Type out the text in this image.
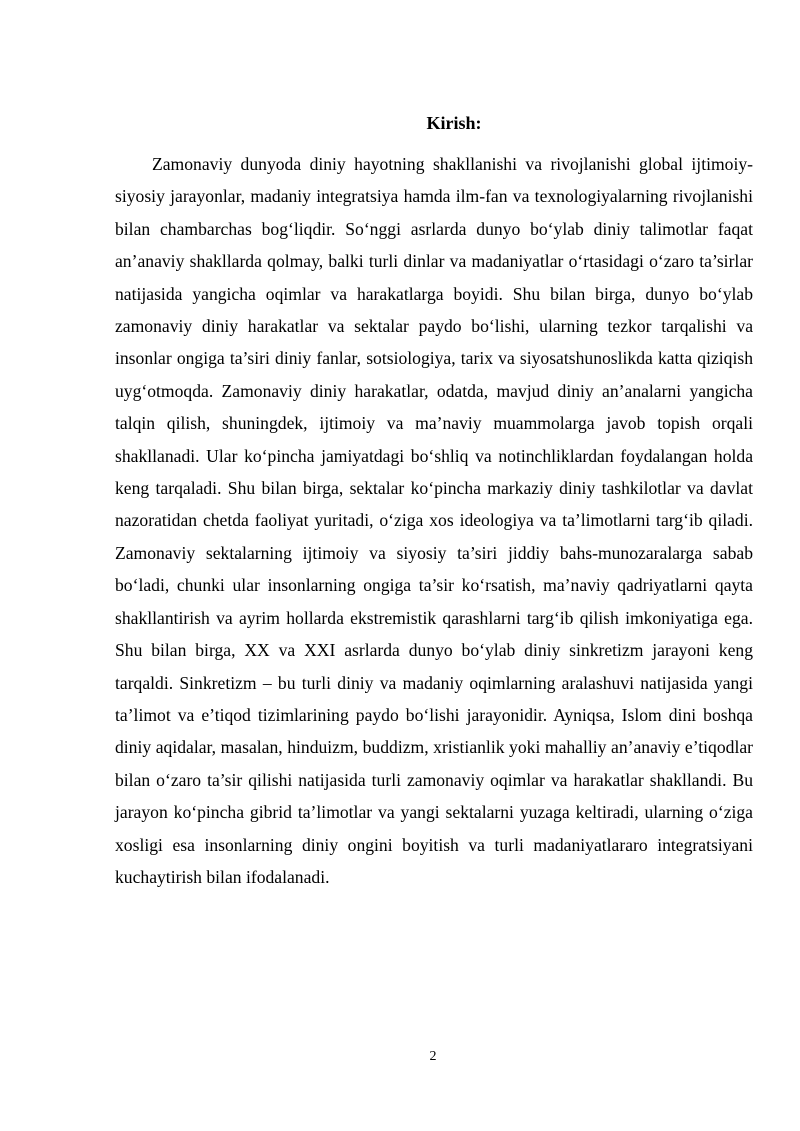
Kirish:

Zamonaviy dunyoda diniy hayotning shakllanishi va rivojlanishi global ijtimoiy-siyosiy jarayonlar, madaniy integratsiya hamda ilm-fan va texnologiyalarning rivojlanishi bilan chambarchas bog‘liqdir. So‘nggi asrlarda dunyo bo‘ylab diniy talimotlar faqat an’anaviy shakllarda qolmay, balki turli dinlar va madaniyatlar o‘rtasidagi o‘zaro ta’sirlar natijasida yangicha oqimlar va harakatlarga boyidi. Shu bilan birga, dunyo bo‘ylab zamonaviy diniy harakatlar va sektalar paydo bo‘lishi, ularning tezkor tarqalishi va insonlar ongiga ta’siri diniy fanlar, sotsiologiya, tarix va siyosatshunoslikda katta qiziqish uyg‘otmoqda. Zamonaviy diniy harakatlar, odatda, mavjud diniy an’analarni yangicha talqin qilish, shuningdek, ijtimoiy va ma’naviy muammolarga javob topish orqali shakllanadi. Ular ko‘pincha jamiyatdagi bo‘shliq va notinchliklardan foydalangan holda keng tarqaladi. Shu bilan birga, sektalar ko‘pincha markaziy diniy tashkilotlar va davlat nazoratidan chetda faoliyat yuritadi, o‘ziga xos ideologiya va ta’limotlarni targ‘ib qiladi. Zamonaviy sektalarning ijtimoiy va siyosiy ta’siri jiddiy bahs-munozaralarga sabab bo‘ladi, chunki ular insonlarning ongiga ta’sir ko‘rsatish, ma’naviy qadriyatlarni qayta shakllantirish va ayrim hollarda ekstremistik qarashlarni targ‘ib qilish imkoniyatiga ega. Shu bilan birga, XX va XXI asrlarda dunyo bo‘ylab diniy sinkretizm jarayoni keng tarqaldi. Sinkretizm – bu turli diniy va madaniy oqimlarning aralashuvi natijasida yangi ta’limot va e’tiqod tizimlarining paydo bo‘lishi jarayonidir. Ayniqsa, Islom dini boshqa diniy aqidalar, masalan, hinduizm, buddizm, xristianlik yoki mahalliy an’anaviy e’tiqodlar bilan o‘zaro ta’sir qilishi natijasida turli zamonaviy oqimlar va harakatlar shakllandi. Bu jarayon ko‘pincha gibrid ta’limotlar va yangi sektalarni yuzaga keltiradi, ularning o‘ziga xosligi esa insonlarning diniy ongini boyitish va turli madaniyatlararo integratsiyani kuchaytirish bilan ifodalanadi.

2
